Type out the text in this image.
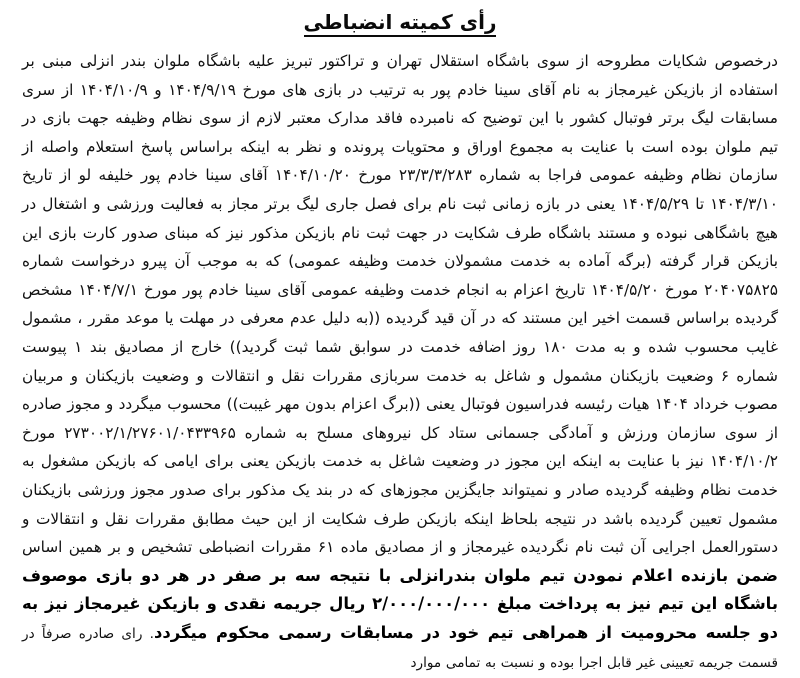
رأی کمیته انضباطی

درخصوص شکایات مطروحه از سوی باشگاه استقلال تهران و تراکتور تبریز علیه باشگاه ملوان بندر انزلی مبنی بر استفاده از بازیکن غیرمجاز به نام آقای سینا خادم پور به ترتیب در بازی های مورخ ۱۴۰۴/۹/۱۹ و ۱۴۰۴/۱۰/۹ از سری مسابقات لیگ برتر فوتبال کشور با این توضیح که نامبرده فاقد مدارک معتبر لازم از سوی نظام وظیفه جهت بازی در تیم ملوان بوده است با عنایت به مجموع اوراق و محتویات پرونده و نظر به اینکه براساس پاسخ استعلام واصله از سازمان نظام وظیفه عمومی فراجا به شماره ۲۳/۳/۳/۲۸۳ مورخ ۱۴۰۴/۱۰/۲۰ آقای سینا خادم پور خلیفه لو از تاریخ ۱۴۰۴/۳/۱۰ تا ۱۴۰۴/۵/۲۹ یعنی در بازه زمانی ثبت نام برای فصل جاری لیگ برتر مجاز به فعالیت ورزشی و اشتغال در هیچ باشگاهی نبوده و مستند باشگاه طرف شکایت در جهت ثبت نام بازیکن مذکور نیز که مبنای صدور کارت بازی این بازیکن قرار گرفته (برگه آماده به خدمت مشمولان خدمت وظیفه عمومی) که به موجب آن پیرو درخواست شماره ۲۰۴۰۷۵۸۲۵ مورخ ۱۴۰۴/۵/۲۰ تاریخ اعزام به انجام خدمت وظیفه عمومی آقای سینا خادم پور مورخ ۱۴۰۴/۷/۱ مشخص گردیده براساس قسمت اخیر این مستند که در آن قید گردیده ((به دلیل عدم معرفی در مهلت یا موعد مقرر ، مشمول غایب محسوب شده و به مدت ۱۸۰ روز اضافه خدمت در سوابق شما ثبت گردید)) خارج از مصادیق بند ۱ پیوست شماره ۶ وضعیت بازیکنان مشمول و شاغل به خدمت سربازی مقررات نقل و انتقالات و وضعیت بازیکنان و مربیان مصوب خرداد ۱۴۰۴ هیات رئیسه فدراسیون فوتبال یعنی ((برگ اعزام بدون مهر غیبت)) محسوب میگردد و مجوز صادره از سوی سازمان ورزش و آمادگی جسمانی ستاد کل نیروهای مسلح به شماره ۲۷۳۰۰۲/۱/۲۷۶۰۱/۰۴۳۳۹۶۵ مورخ ۱۴۰۴/۱۰/۲ نیز با عنایت به اینکه این مجوز در وضعیت شاغل به خدمت بازیکن یعنی برای ایامی که بازیکن مشغول به خدمت نظام وظیفه گردیده صادر و نمیتواند جایگزین مجوزهای که در بند یک مذکور برای صدور مجوز ورزشی بازیکنان مشمول تعیین گردیده باشد در نتیجه بلحاظ اینکه بازیکن طرف شکایت از این حیث مطابق مقررات نقل و انتقالات و دستورالعمل اجرایی آن ثبت نام نگردیده غیرمجاز و از مصادیق ماده ۶۱ مقررات انضباطی تشخیص و بر همین اساس ضمن بازنده اعلام نمودن تیم ملوان بندرانزلی با نتیجه سه بر صفر در هر دو بازی موصوف باشگاه این تیم نیز به پرداخت مبلغ ۲/۰۰۰/۰۰۰/۰۰۰ ریال جریمه نقدی و بازیکن غیرمجاز نیز به دو جلسه محرومیت از همراهی تیم خود در مسابقات رسمی محکوم میگردد. رای صادره صرفاً در قسمت جریمه تعیینی غیر قابل اجرا بوده و نسبت به تمامی موارد
